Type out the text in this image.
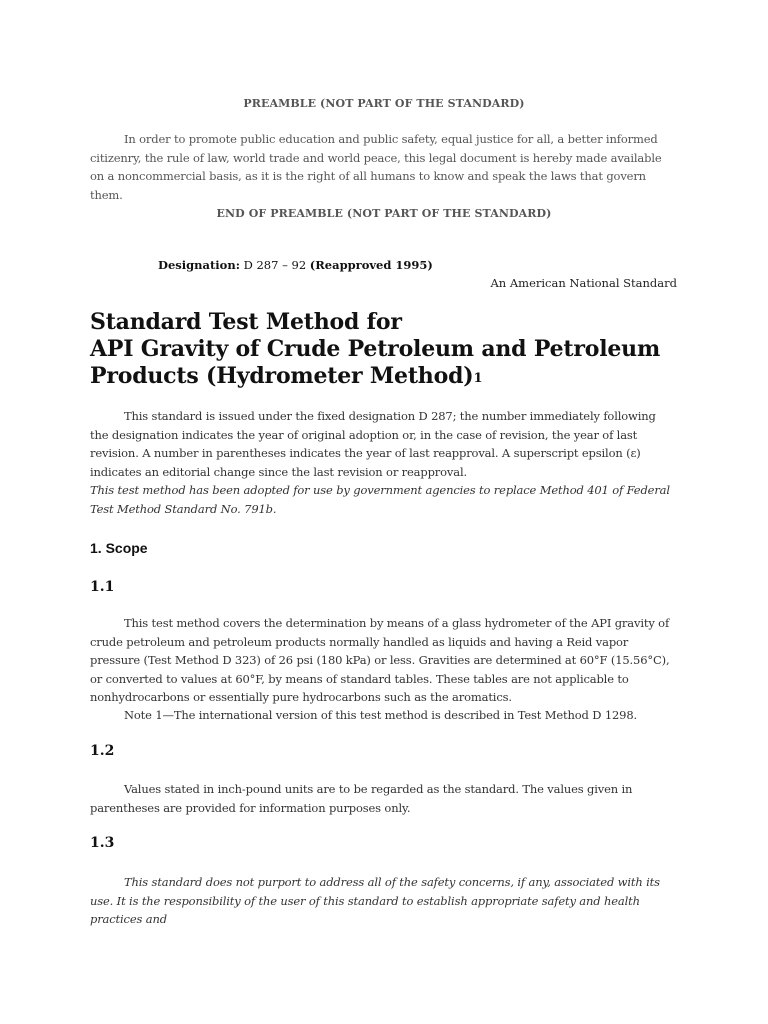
PREAMBLE (NOT PART OF THE STANDARD)
In order to promote public education and public safety, equal justice for all, a better informed citizenry, the rule of law, world trade and world peace, this legal document is hereby made available on a noncommercial basis, as it is the right of all humans to know and speak the laws that govern them.
END OF PREAMBLE (NOT PART OF THE STANDARD)
Designation: D 287 – 92 (Reapproved 1995)
An American National Standard
Standard Test Method for
API Gravity of Crude Petroleum and Petroleum
Products (Hydrometer Method)$^1$
This standard is issued under the fixed designation D 287; the number immediately following the designation indicates the year of original adoption or, in the case of revision, the year of last revision. A number in parentheses indicates the year of last reapproval. A superscript epsilon (ε) indicates an editorial change since the last revision or reapproval.
This test method has been adopted for use by government agencies to replace Method 401 of Federal Test Method Standard No. 791b.
1. Scope
1.1
This test method covers the determination by means of a glass hydrometer of the API gravity of crude petroleum and petroleum products normally handled as liquids and having a Reid vapor pressure (Test Method D 323) of 26 psi (180 kPa) or less. Gravities are determined at 60°F (15.56°C), or converted to values at 60°F, by means of standard tables. These tables are not applicable to nonhydrocarbons or essentially pure hydrocarbons such as the aromatics.
Note 1—The international version of this test method is described in Test Method D 1298.
1.2
Values stated in inch-pound units are to be regarded as the standard. The values given in parentheses are provided for information purposes only.
1.3
This standard does not purport to address all of the safety concerns, if any, associated with its use. It is the responsibility of the user of this standard to establish appropriate safety and health practices and
